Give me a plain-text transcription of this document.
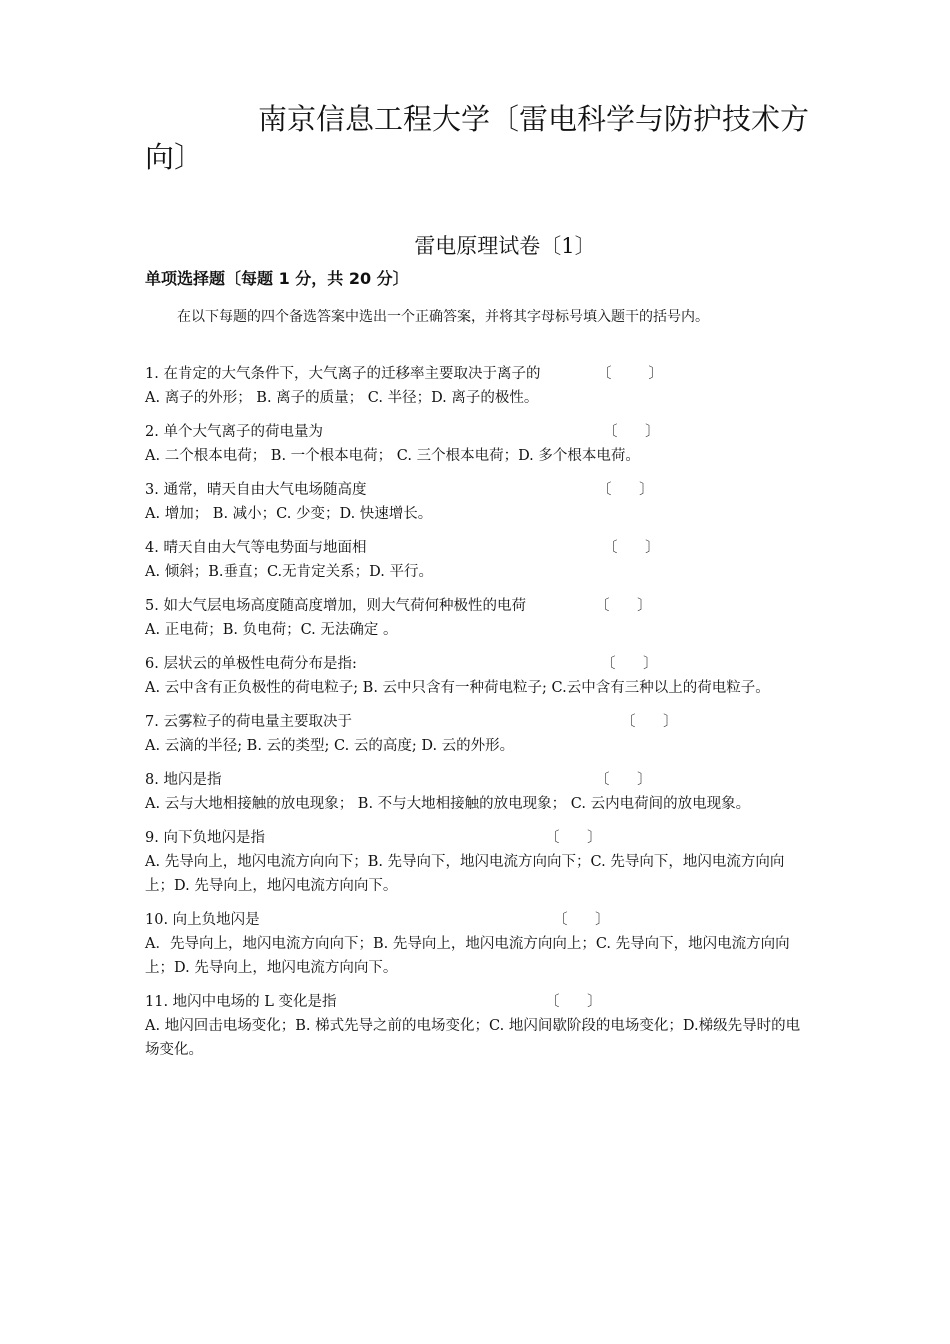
南京信息工程大学〔雷电科学与防护技术方向〕
雷电原理试卷〔1〕
单项选择题〔每题 1 分，共 20 分〕

在以下每题的四个备选答案中选出一个正确答案，并将其字母标号填入题干的括号内。

1. 在肯定的大气条件下，大气离子的迁移率主要取决于离子的	〔        〕

A. 离子的外形； B. 离子的质量； C. 半径；D. 离子的极性。

2. 单个大气离子的荷电量为	〔      〕

A. 二个根本电荷； B. 一个根本电荷； C. 三个根本电荷；D. 多个根本电荷。

3. 通常，晴天自由大气电场随高度	〔      〕

A. 增加； B. 减小；C. 少变；D. 快速增长。

4. 晴天自由大气等电势面与地面相	〔      〕

A. 倾斜；B.垂直；C.无肯定关系；D. 平行。

5. 如大气层电场高度随高度增加，则大气荷何种极性的电荷	〔      〕

A. 正电荷；B. 负电荷；C. 无法确定 。

6. 层状云的单极性电荷分布是指:	〔      〕

A. 云中含有正负极性的荷电粒子; B. 云中只含有一种荷电粒子; C.云中含有三种以上的荷电粒子。

7. 云雾粒子的荷电量主要取决于	〔      〕

A. 云滴的半径; B. 云的类型; C. 云的高度; D. 云的外形。

8. 地闪是指	〔      〕

A. 云与大地相接触的放电现象； B. 不与大地相接触的放电现象； C. 云内电荷间的放电现象。

9. 向下负地闪是指	〔      〕

A. 先导向上，地闪电流方向向下；B. 先导向下，地闪电流方向向下；C. 先导向下，地闪电流方向向上；D. 先导向上，地闪电流方向向下。

10. 向上负地闪是	〔      〕

A．先导向上，地闪电流方向向下；B. 先导向上，地闪电流方向向上；C. 先导向下，地闪电流方向向上；D. 先导向上，地闪电流方向向下。

11. 地闪中电场的 L 变化是指	〔      〕

A. 地闪回击电场变化；B. 梯式先导之前的电场变化；C. 地闪间歇阶段的电场变化；D.梯级先导时的电场变化。
